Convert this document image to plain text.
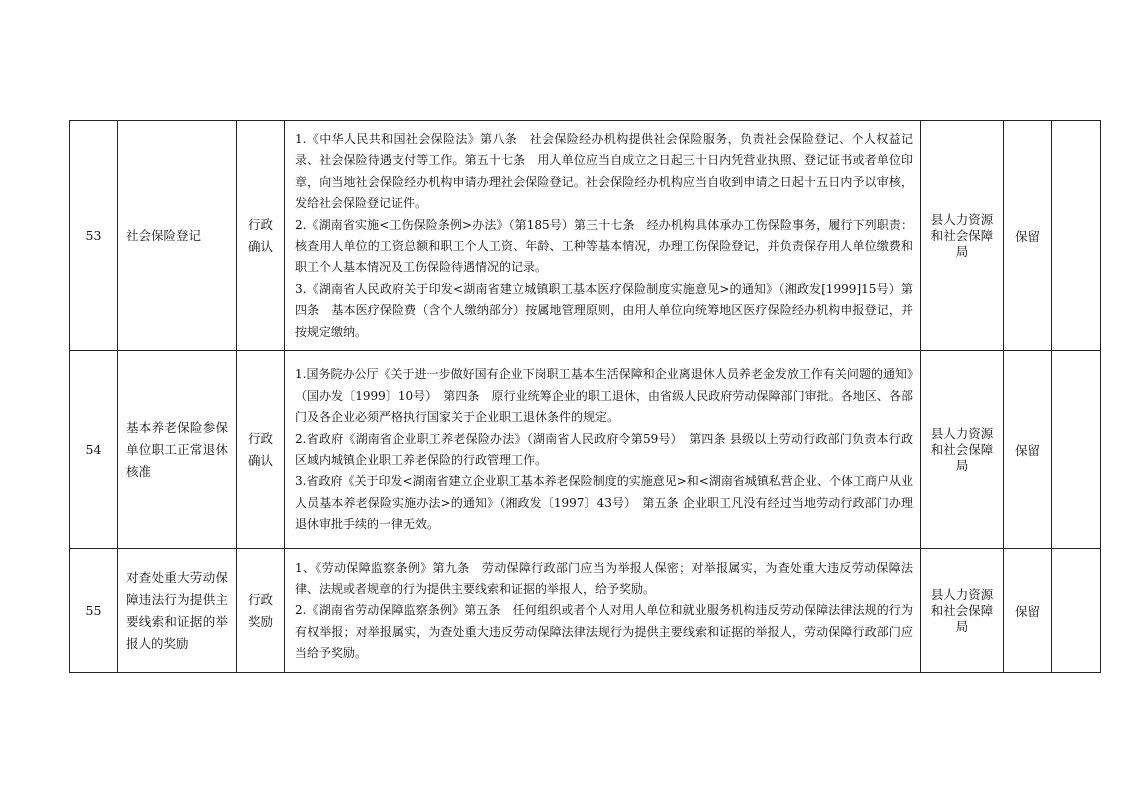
53	社会保险登记	行政确认	1.《中华人民共和国社会保险法》第八条　社会保险经办机构提供社会保险服务，负责社会保险登记、个人权益记录、社会保险待遇支付等工作。第五十七条　用人单位应当自成立之日起三十日内凭营业执照、登记证书或者单位印章，向当地社会保险经办机构申请办理社会保险登记。社会保险经办机构应当自收到申请之日起十五日内予以审核，发给社会保险登记证件。
2.《湖南省实施<工伤保险条例>办法》（第185号）第三十七条　经办机构具体承办工伤保险事务，履行下列职责：核查用人单位的工资总额和职工个人工资、年龄、工种等基本情况，办理工伤保险登记，并负责保存用人单位缴费和职工个人基本情况及工伤保险待遇情况的记录。
3.《湖南省人民政府关于印发<湖南省建立城镇职工基本医疗保险制度实施意见>的通知》（湘政发[1999]15号）第四条　基本医疗保险费（含个人缴纳部分）按属地管理原则，由用人单位向统筹地区医疗保险经办机构申报登记，并按规定缴纳。	县人力资源和社会保障局	保留	
54	基本养老保险参保单位职工正常退休核准	行政确认	1.国务院办公厅《关于进一步做好国有企业下岗职工基本生活保障和企业离退休人员养老金发放工作有关问题的通知》（国办发〔1999〕10号）　第四条　原行业统筹企业的职工退休，由省级人民政府劳动保障部门审批。各地区、各部门及各企业必须严格执行国家关于企业职工退休条件的规定。
2.省政府《湖南省企业职工养老保险办法》（湖南省人民政府令第59号）　第四条 县级以上劳动行政部门负责本行政区域内城镇企业职工养老保险的行政管理工作。
3.省政府《关于印发<湖南省建立企业职工基本养老保险制度的实施意见>和<湖南省城镇私营企业、个体工商户从业人员基本养老保险实施办法>的通知》（湘政发〔1997〕43号）　第五条 企业职工凡没有经过当地劳动行政部门办理退休审批手续的一律无效。	县人力资源和社会保障局	保留	
55	对查处重大劳动保障违法行为提供主要线索和证据的举报人的奖励	行政奖励	1、《劳动保障监察条例》第九条　劳动保障行政部门应当为举报人保密；对举报属实，为查处重大违反劳动保障法律、法规或者规章的行为提供主要线索和证据的举报人，给予奖励。
2.《湖南省劳动保障监察条例》第五条　任何组织或者个人对用人单位和就业服务机构违反劳动保障法律法规的行为有权举报；对举报属实，为查处重大违反劳动保障法律法规行为提供主要线索和证据的举报人，劳动保障行政部门应当给予奖励。	县人力资源和社会保障局	保留	
